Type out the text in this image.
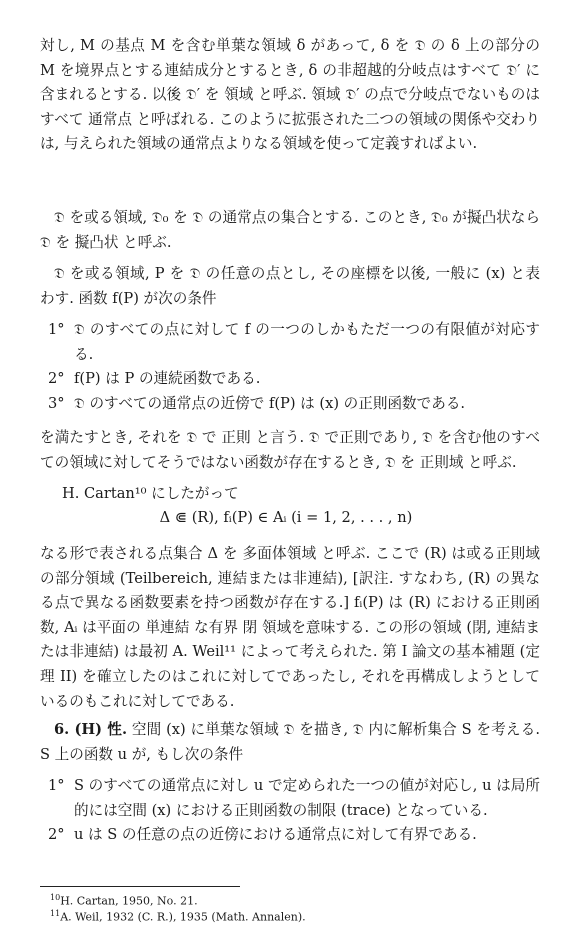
対し, M の基点 M を含む単葉な領域 δ があって, δ を 𝔇 の δ 上の部分の M を境界点とする連結成分とするとき, δ の非超越的分岐点はすべて 𝔇′ に含まれるとする. 以後 𝔇′ を 領域 と呼ぶ. 領域 𝔇′ の点で分岐点でないものはすべて 通常点 と呼ばれる. このように拡張された二つの領域の関係や交わりは, 与えられた領域の通常点よりなる領域を使って定義すればよい.

𝔇 を或る領域, 𝔇₀ を 𝔇 の通常点の集合とする. このとき, 𝔇₀ が擬凸状なら 𝔇 を 擬凸状 と呼ぶ.

𝔇 を或る領域, P を 𝔇 の任意の点とし, その座標を以後, 一般に (x) と表わす. 函数 f(P) が次の条件

1° 𝔇 のすべての点に対して f の一つのしかもただ一つの有限値が対応する.
2° f(P) は P の連続函数である.
3° 𝔇 のすべての通常点の近傍で f(P) は (x) の正則函数である.

を満たすとき, それを 𝔇 で 正則 と言う. 𝔇 で正則であり, 𝔇 を含む他のすべての領域に対してそうではない函数が存在するとき, 𝔇 を 正則域 と呼ぶ.

H. Cartan¹⁰ にしたがって

Δ ⋐ (R), fᵢ(P) ∈ Aᵢ (i = 1, 2, . . . , n)

なる形で表される点集合 Δ を 多面体領域 と呼ぶ. ここで (R) は或る正則域の部分領域 (Teilbereich, 連結または非連結), [訳注. すなわち, (R) の異なる点で異なる函数要素を持つ函数が存在する.] fᵢ(P) は (R) における正則函数, Aᵢ は平面の 単連結 な有界 閉 領域を意味する. この形の領域 (閉, 連結または非連結) は最初 A. Weil¹¹ によって考えられた. 第 I 論文の基本補題 (定理 II) を確立したのはこれに対してであったし, それを再構成しようとしているのもこれに対してである.

6. (H) 性. 空間 (x) に単葉な領域 𝔇 を描き, 𝔇 内に解析集合 S を考える. S 上の函数 u が, もし次の条件

1° S のすべての通常点に対し u で定められた一つの値が対応し, u は局所的には空間 (x) における正則函数の制限 (trace) となっている.
2° u は S の任意の点の近傍における通常点に対して有界である.
$^{10}$H. Cartan, 1950, No. 21.
$^{11}$A. Weil, 1932 (C. R.), 1935 (Math. Annalen).
